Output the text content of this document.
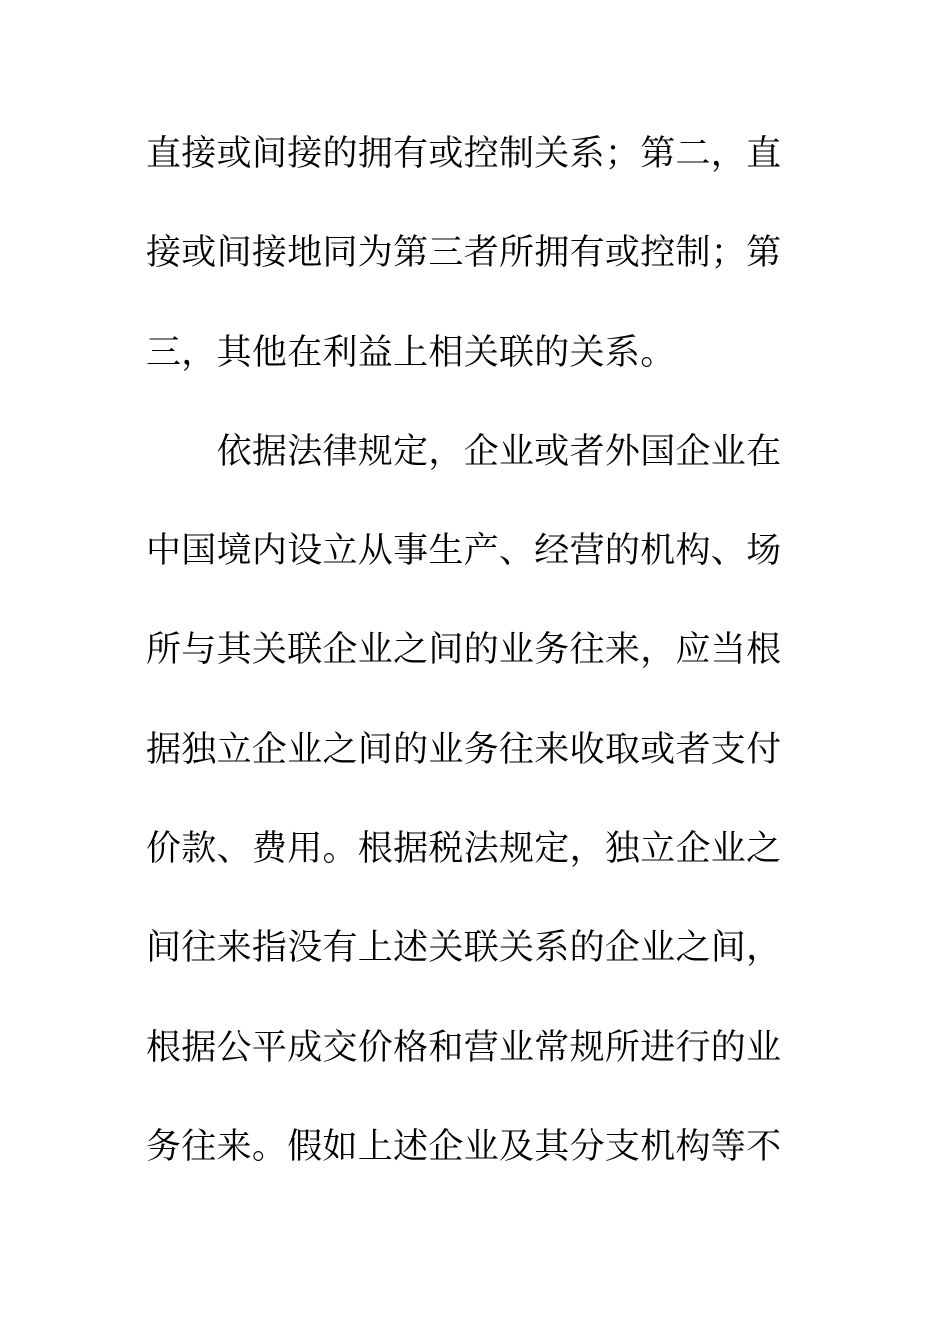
直接或间接的拥有或控制关系；第二，直
接或间接地同为第三者所拥有或控制；第
三，其他在利益上相关联的关系。
　　依据法律规定，企业或者外国企业在
中国境内设立从事生产、经营的机构、场
所与其关联企业之间的业务往来，应当根
据独立企业之间的业务往来收取或者支付
价款、费用。根据税法规定，独立企业之
间往来指没有上述关联关系的企业之间，
根据公平成交价格和营业常规所进行的业
务往来。假如上述企业及其分支机构等不
